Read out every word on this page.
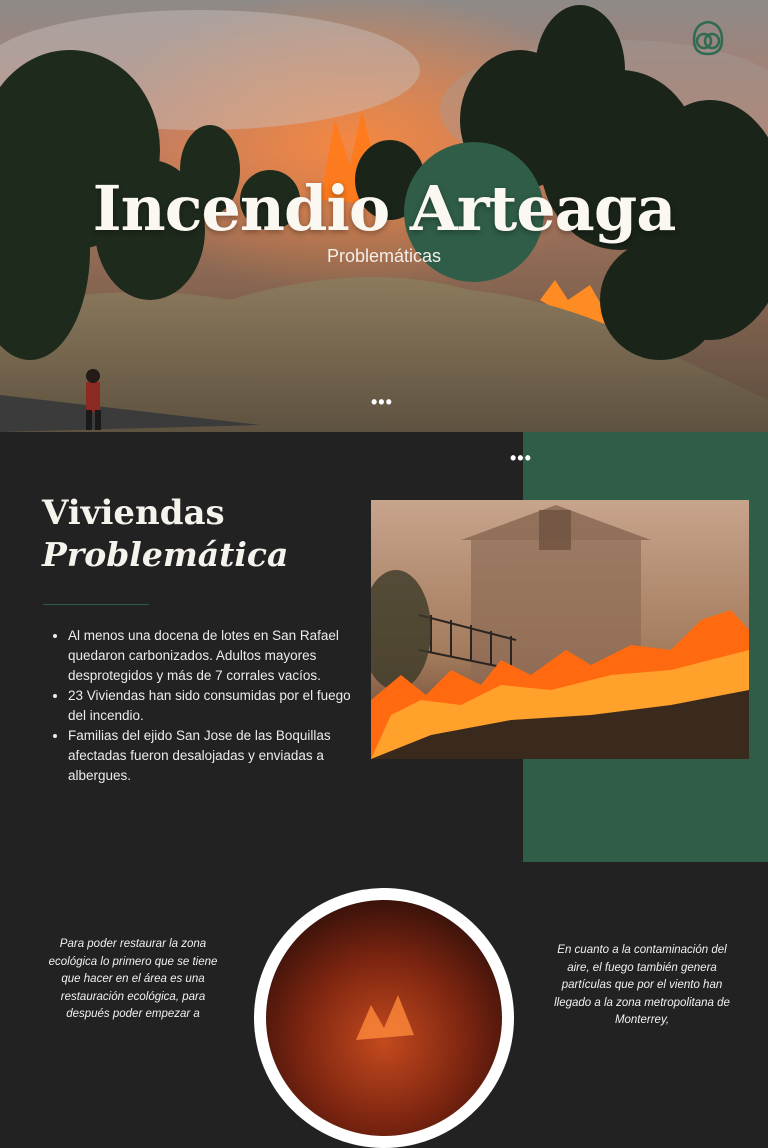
Incendio Arteaga

Problemáticas

•••
•••
Viviendas
Problemática
• Al menos una docena de lotes en San Rafael quedaron carbonizados. Adultos mayores desprotegidos y más de 7 corrales vacíos.
• 23 Viviendas han sido consumidas por el fuego del incendio.
• Familias del ejido San Jose de las Boquillas afectadas fueron desalojadas y enviadas a albergues.

Para poder restaurar la zona ecológica lo primero que se tiene que hacer en el área es una restauración ecológica, para después poder empezar a

En cuanto a la contaminación del aire, el fuego también genera partículas que por el viento han llegado a la zona metropolitana de Monterrey,
